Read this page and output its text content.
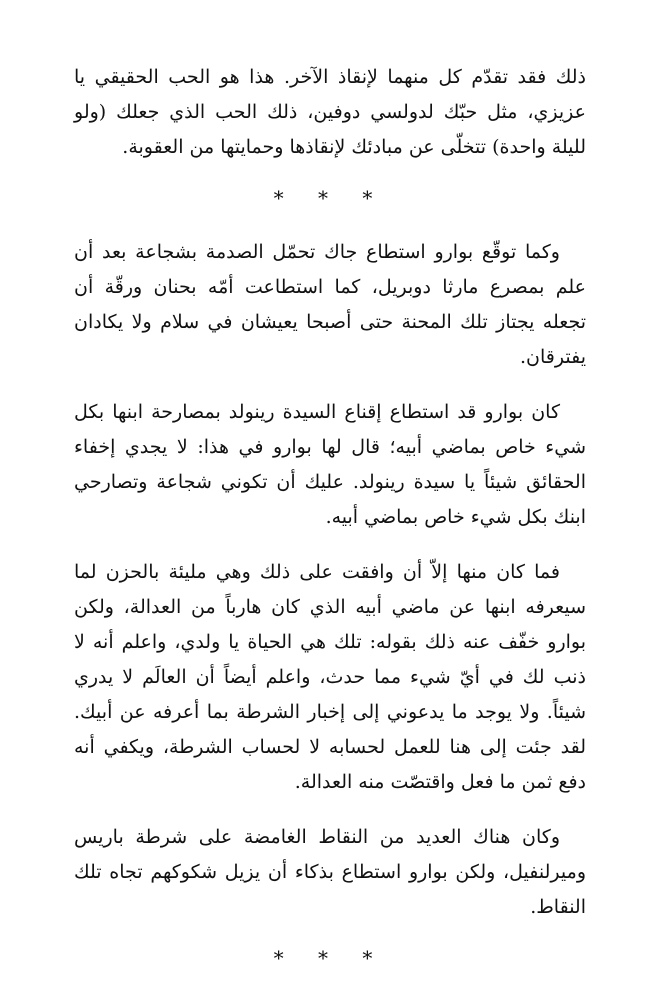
ذلك فقد تقدّم كل منهما لإنقاذ الآخر. هذا هو الحب الحقيقي يا عزيزي، مثل حبّك لدولسي دوفين، ذلك الحب الذي جعلك (ولو لليلة واحدة) تتخلّى عن مبادئك لإنقاذها وحمايتها من العقوبة.

* * *

وكما توقّع بوارو استطاع جاك تحمّل الصدمة بشجاعة بعد أن علم بمصرع مارثا دوبريل، كما استطاعت أمّه بحنان ورقّة أن تجعله يجتاز تلك المحنة حتى أصبحا يعيشان في سلام ولا يكادان يفترقان.

كان بوارو قد استطاع إقناع السيدة رينولد بمصارحة ابنها بكل شيء خاص بماضي أبيه؛ قال لها بوارو في هذا: لا يجدي إخفاء الحقائق شيئاً يا سيدة رينولد. عليك أن تكوني شجاعة وتصارحي ابنك بكل شيء خاص بماضي أبيه.

فما كان منها إلاّ أن وافقت على ذلك وهي مليئة بالحزن لما سيعرفه ابنها عن ماضي أبيه الذي كان هارباً من العدالة، ولكن بوارو خفّف عنه ذلك بقوله: تلك هي الحياة يا ولدي، واعلم أنه لا ذنب لك في أيّ شيء مما حدث، واعلم أيضاً أن العالَم لا يدري شيئاً. ولا يوجد ما يدعوني إلى إخبار الشرطة بما أعرفه عن أبيك. لقد جئت إلى هنا للعمل لحسابه لا لحساب الشرطة، ويكفي أنه دفع ثمن ما فعل واقتصّت منه العدالة.

وكان هناك العديد من النقاط الغامضة على شرطة باريس وميرلنفيل، ولكن بوارو استطاع بذكاء أن يزيل شكوكهم تجاه تلك النقاط.

* * *
